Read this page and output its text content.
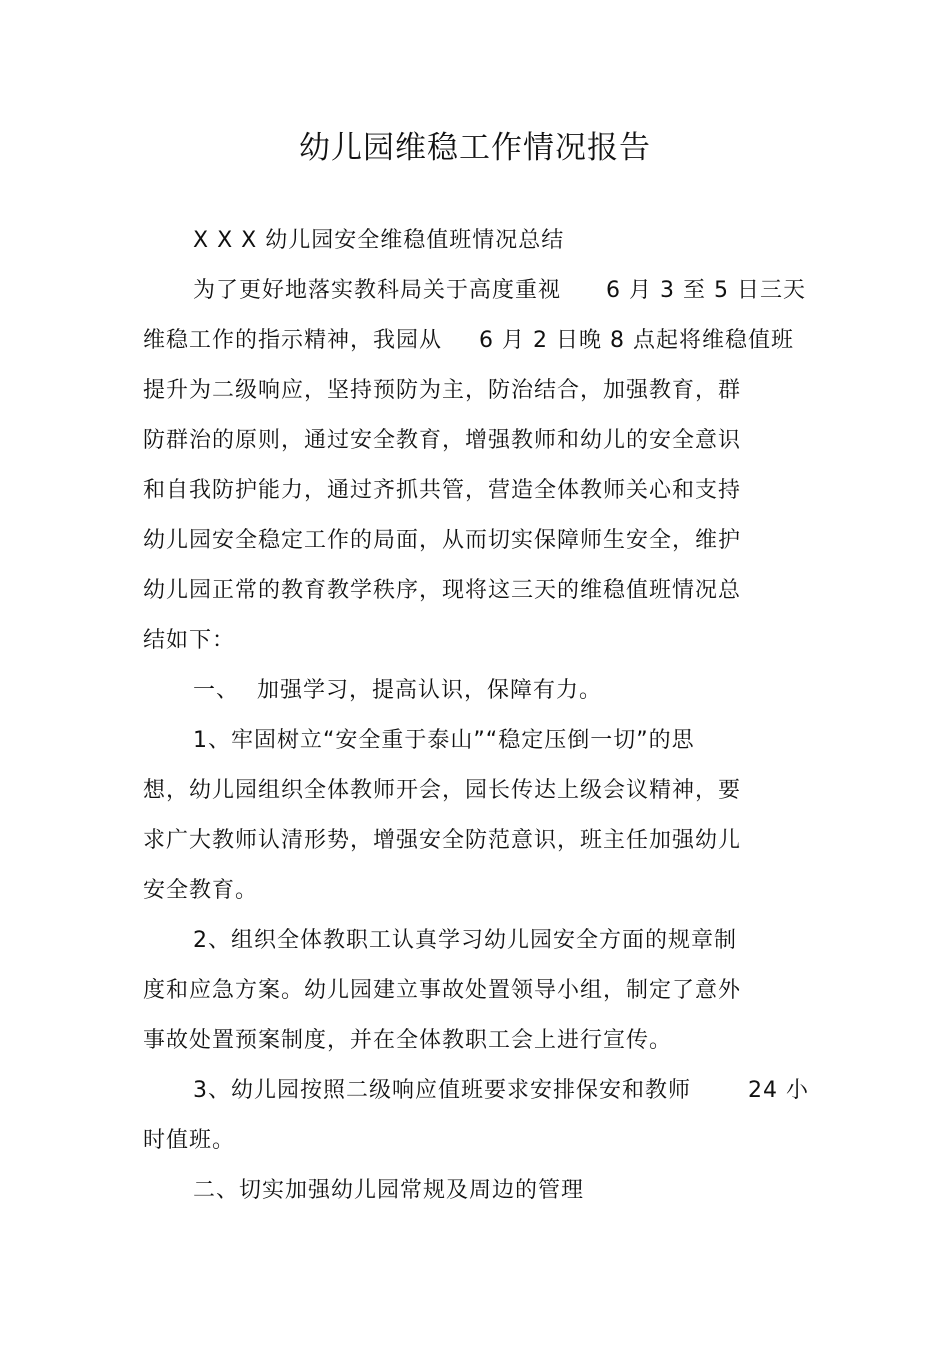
幼儿园维稳工作情况报告
X X X 幼儿园安全维稳值班情况总结
为了更好地落实教科局关于高度重视 6 月 3 至 5 日三天
维稳工作的指示精神，我园从 6 月 2 日晚 8 点起将维稳值班
提升为二级响应，坚持预防为主，防治结合，加强教育，群
防群治的原则，通过安全教育，增强教师和幼儿的安全意识
和自我防护能力，通过齐抓共管，营造全体教师关心和支持
幼儿园安全稳定工作的局面，从而切实保障师生安全，维护
幼儿园正常的教育教学秩序，现将这三天的维稳值班情况总
结如下：
一、 加强学习，提高认识，保障有力。
1、牢固树立“安全重于泰山”“稳定压倒一切”的思
想，幼儿园组织全体教师开会，园长传达上级会议精神，要
求广大教师认清形势，增强安全防范意识，班主任加强幼儿
安全教育。
2、组织全体教职工认真学习幼儿园安全方面的规章制
度和应急方案。幼儿园建立事故处置领导小组，制定了意外
事故处置预案制度，并在全体教职工会上进行宣传。
3、幼儿园按照二级响应值班要求安排保安和教师	24 小
时值班。
二、切实加强幼儿园常规及周边的管理
